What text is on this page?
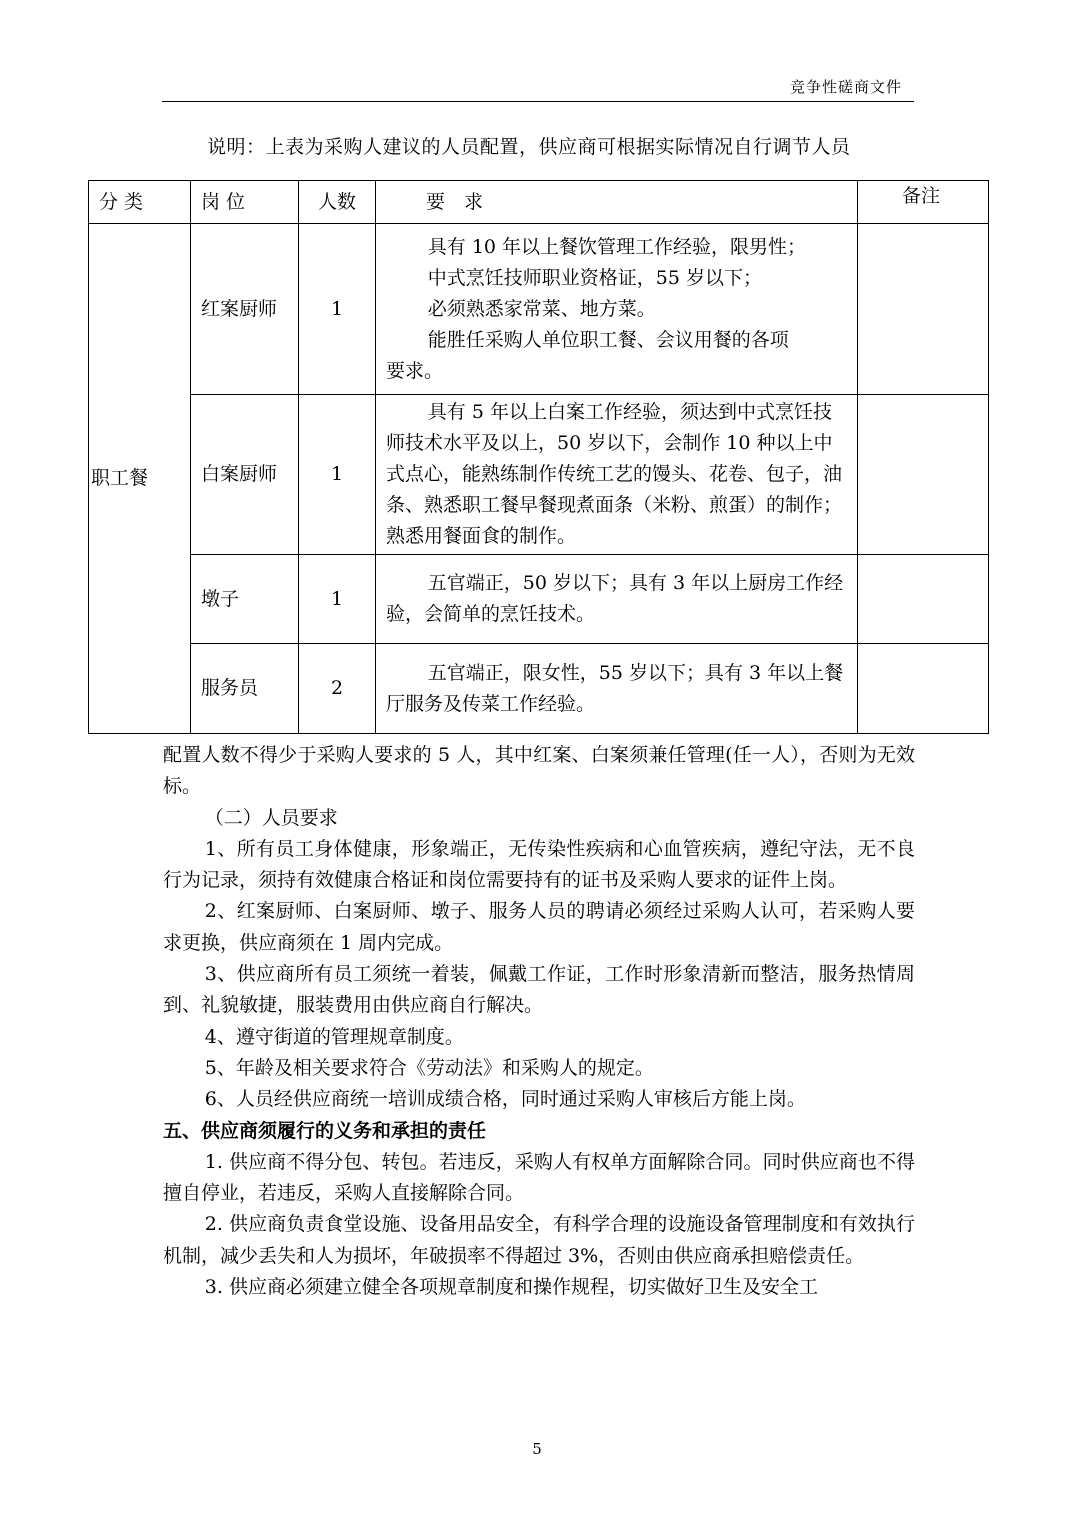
竞争性磋商文件
说明：上表为采购人建议的人员配置，供应商可根据实际情况自行调节人员
分 类	岗 位	人数	要　求	备注
职工餐	红案厨师	1	具有 10 年以上餐饮管理工作经验，限男性；

中式烹饪技师职业资格证，55 岁以下；

必须熟悉家常菜、地方菜。

能胜任采购人单位职工餐、会议用餐的各项

要求。	

	白案厨师	1	具有 5 年以上白案工作经验，须达到中式烹饪技师技术水平及以上，50 岁以下，会制作 10 种以上中式点心，能熟练制作传统工艺的馒头、花卷、包子，油条、熟悉职工餐早餐现煮面条（米粉、煎蛋）的制作；熟悉用餐面食的制作。	

	墩子	1	五官端正，50 岁以下；具有 3 年以上厨房工作经验，会简单的烹饪技术。	

	服务员	2	五官端正，限女性，55 岁以下；具有 3 年以上餐厅服务及传菜工作经验。	

配置人数不得少于采购人要求的 5 人，其中红案、白案须兼任管理(任一人），否则为无效标。

（二）人员要求

1、所有员工身体健康，形象端正，无传染性疾病和心血管疾病，遵纪守法，无不良行为记录，须持有效健康合格证和岗位需要持有的证书及采购人要求的证件上岗。

2、红案厨师、白案厨师、墩子、服务人员的聘请必须经过采购人认可，若采购人要求更换，供应商须在 1 周内完成。

3、供应商所有员工须统一着装，佩戴工作证，工作时形象清新而整洁，服务热情周到、礼貌敏捷，服装费用由供应商自行解决。

4、遵守街道的管理规章制度。

5、年龄及相关要求符合《劳动法》和采购人的规定。

6、人员经供应商统一培训成绩合格，同时通过采购人审核后方能上岗。

五、供应商须履行的义务和承担的责任

1. 供应商不得分包、转包。若违反，采购人有权单方面解除合同。同时供应商也不得擅自停业，若违反，采购人直接解除合同。

2. 供应商负责食堂设施、设备用品安全，有科学合理的设施设备管理制度和有效执行机制，减少丢失和人为损坏，年破损率不得超过 3%，否则由供应商承担赔偿责任。

3. 供应商必须建立健全各项规章制度和操作规程，切实做好卫生及安全工

5
